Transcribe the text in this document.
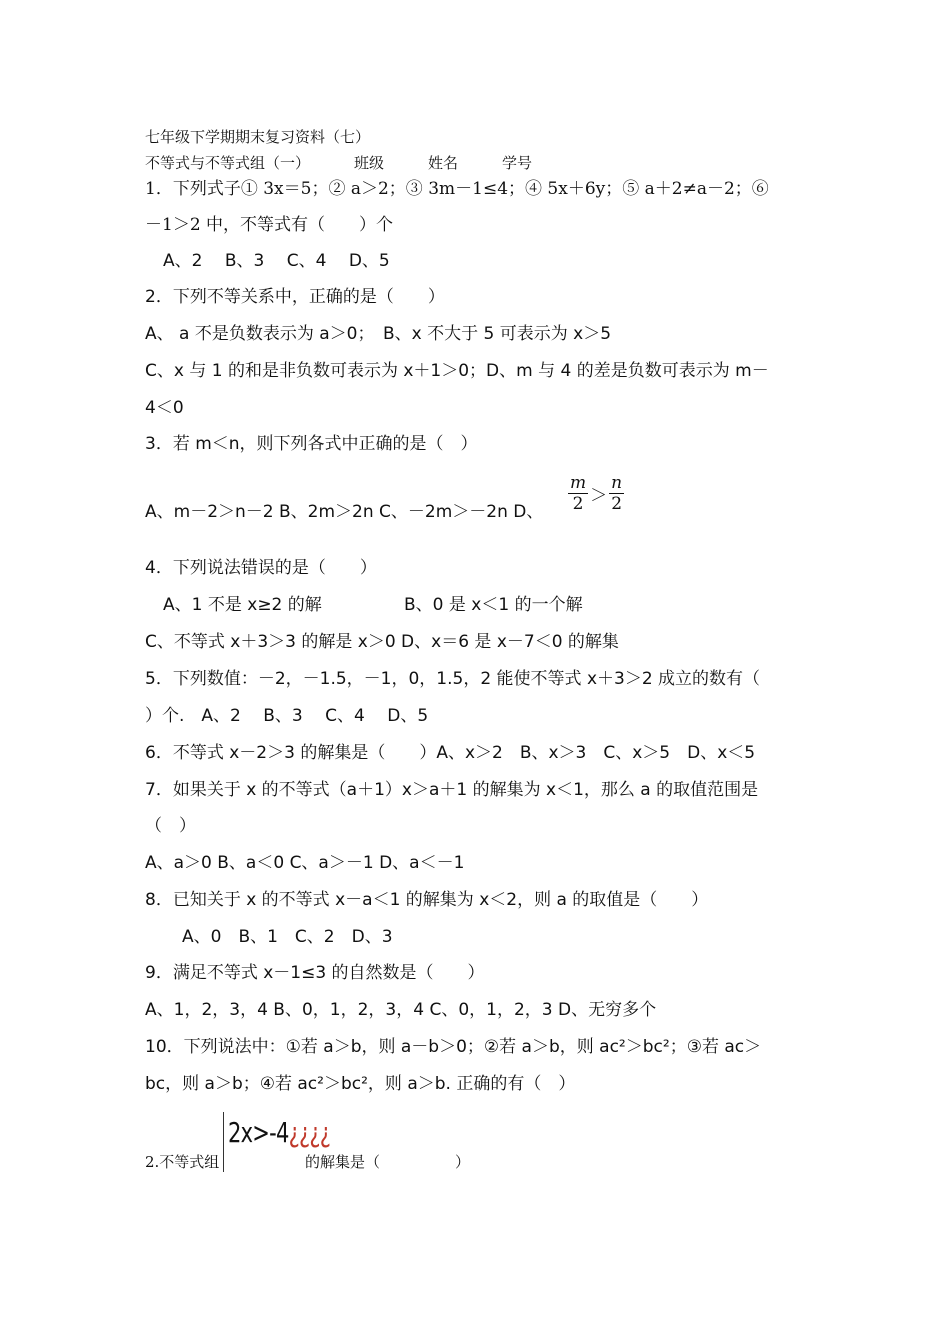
七年级下学期期末复习资料（七）
不等式与不等式组（一）	班级	姓名	学号
1．下列式子① 3x＝5；② a＞2；③ 3m－1≤4；④ 5x＋6y；⑤ a＋2≠a－2；⑥
－1＞2 中，不等式有（　　）个
A、2　 B、3　 C、4　 D、5
2．下列不等关系中，正确的是（　　）
A、 a 不是负数表示为 a＞0；　B、x 不大于 5 可表示为 x＞5
C、x 与 1 的和是非负数可表示为 x＋1＞0；D、m 与 4 的差是负数可表示为 m－
4＜0
3．若 m＜n，则下列各式中正确的是（　）
A、m－2＞n－2 B、2m＞2n C、－2m＞－2n D、 $\frac{m}{2} > \frac{n}{2}$
4．下列说法错误的是（　　）
A、1 不是 x≥2 的解	B、0 是 x＜1 的一个解
C、不等式 x＋3＞3 的解是 x＞0 D、x＝6 是 x－7＜0 的解集
5．下列数值：－2，－1.5，－1，0，1.5，2 能使不等式 x＋3＞2 成立的数有（
）个.　A、2　 B、3　 C、4　 D、5
6．不等式 x－2＞3 的解集是（　　）A、x＞2　B、x＞3　C、x＞5　D、x＜5
7．如果关于 x 的不等式（a＋1）x＞a＋1 的解集为 x＜1，那么 a 的取值范围是
（　）
A、a＞0 B、a＜0 C、a＞－1 D、a＜－1
8．已知关于 x 的不等式 x－a＜1 的解集为 x＜2，则 a 的取值是（　　）
A、0　B、1　C、2　D、3
9．满足不等式 x－1≤3 的自然数是（　　）
A、1，2，3，4 B、0，1，2，3，4 C、0，1，2，3 D、无穷多个
10．下列说法中：①若 a＞b，则 a－b＞0；②若 a＞b，则 ac²＞bc²；③若 ac＞
bc，则 a＞b；④若 ac²＞bc²，则 a＞b. 正确的有（　）
2.不等式组
2x>-4¿¿¿¿
的解集是（　　　　　）
